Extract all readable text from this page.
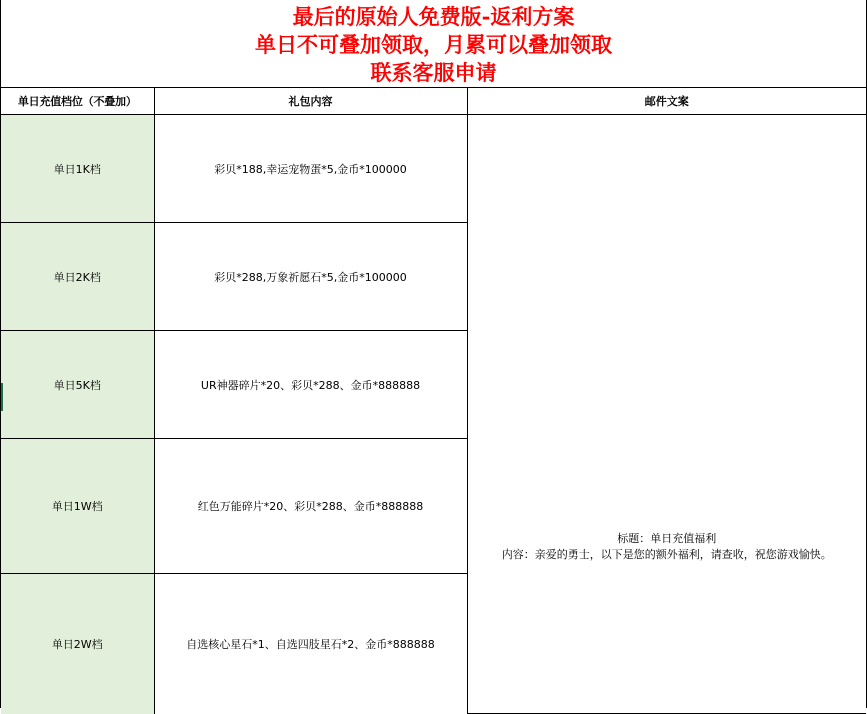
最后的原始人免费版-返利方案
单日不可叠加领取，月累可以叠加领取
联系客服申请
单日充值档位（不叠加）	礼包内容	邮件文案
单日1K档	彩贝*188,幸运宠物蛋*5,金币*100000	标题：单日充值福利
内容：亲爱的勇士，以下是您的额外福利，请查收，祝您游戏愉快。

单日2K档	彩贝*288,万象祈愿石*5,金币*100000	
单日5K档	UR神器碎片*20、彩贝*288、金币*888888	
单日1W档	红色万能碎片*20、彩贝*288、金币*888888	
单日2W档	自选核心星石*1、自选四肢星石*2、金币*888888	
